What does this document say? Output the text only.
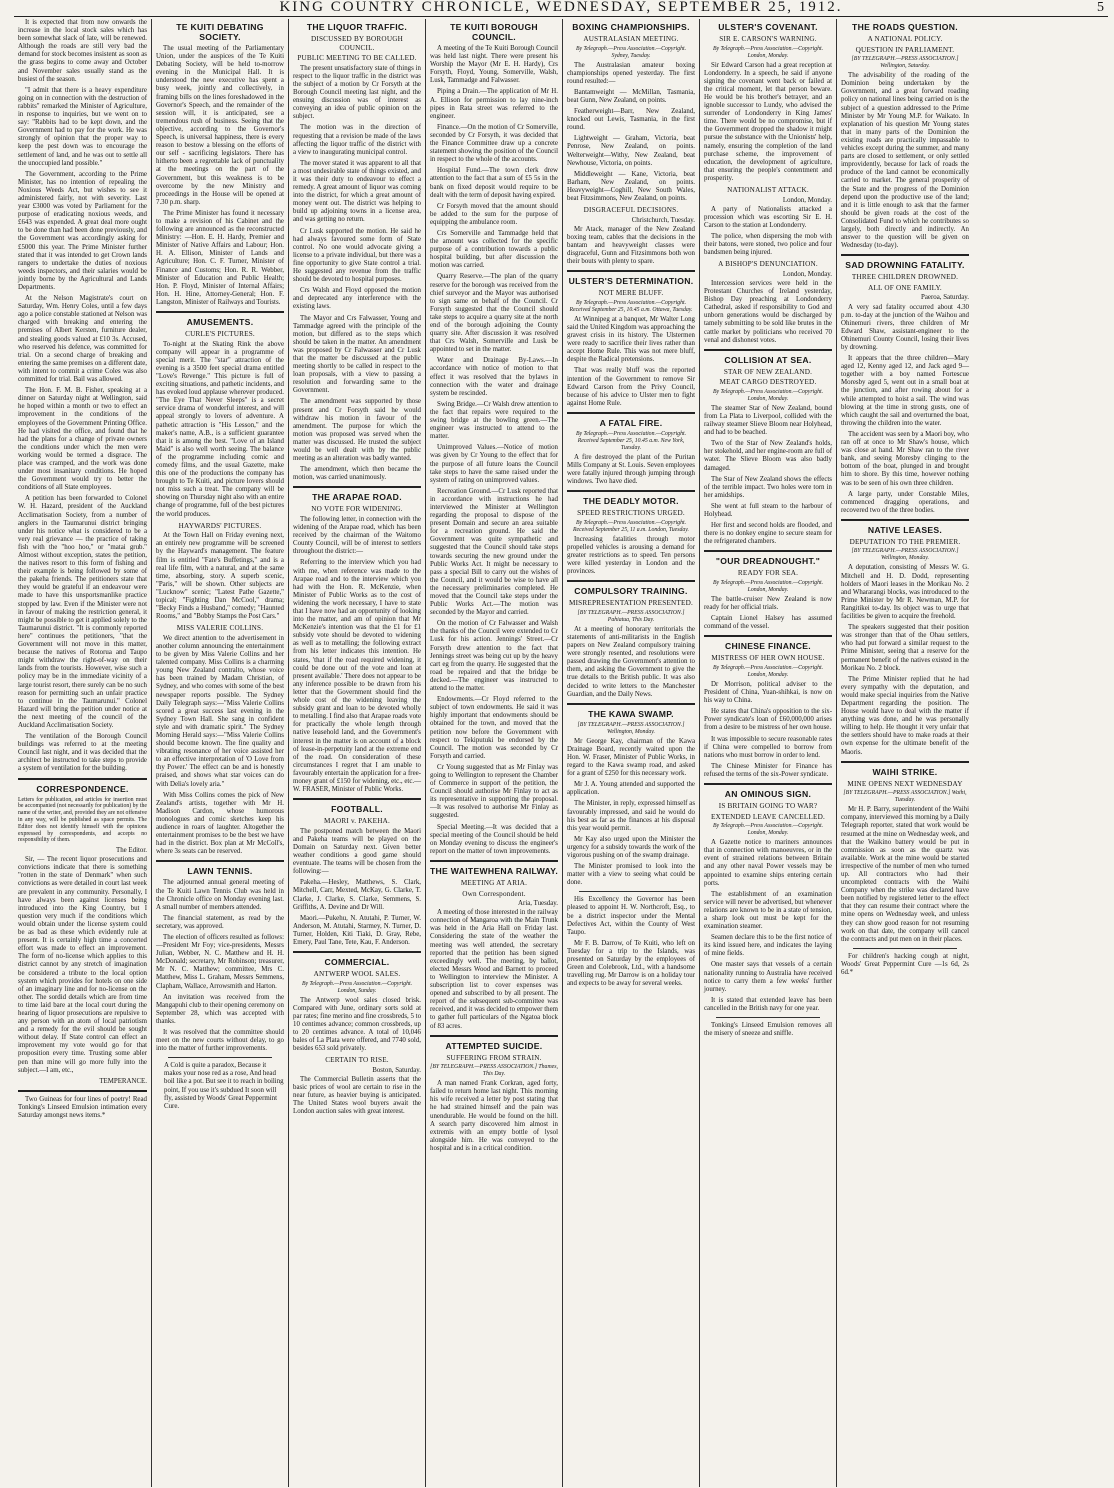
KING COUNTRY CHRONICLE, WEDNESDAY, SEPTEMBER 25, 1912.	5

It is expected that from now onwards the increase in the local stock sales which has been somewhat slack of late, will be renewed. Although the roads are still very bad the demand for stock becomes insistent as soon as the grass begins to come away and October and November sales usually stand as the busiest of the season.

"I admit that there is a heavy expenditure going on in connection with the destruction of rabbits" remarked the Minister of Agriculture, in response to inquiries, but we went on to say: "Rabbits had to be kept down, and the Government had to pay for the work. He was strongly of opinion that the proper way to keep the pest down was to encourage the settlement of land, and he was out to settle all the unoccupied land possible."

The Government, according to the Prime Minister, has no intention of repealing the Noxious Weeds Act, but wishes to see it administered fairly, not with severity. Last year £3000 was voted by Parliament for the purpose of eradicating noxious weeds, and £643 was expended. A great deal more ought to be done than had been done previously, and the Government was accordingly asking for £5000 this year. The Prime Minister further stated that it was intended to get Crown lands rangers to undertake the duties of noxious weeds inspectors, and their salaries would be jointly borne by the Agricultural and Lands Departments.

At the Nelson Magistrate's court on Saturday, Wm. Henry Coles, until a few days ago a police constable stationed at Nelson was charged with breaking and entering the premises of Albert Kersten, furniture dealer, and stealing goods valued at £10 3s. Accused, who reserved his defence, was committed for trial. On a second charge of breaking and entering the same premises on a different date, with intent to commit a crime Coles was also committed for trial. Bail was allowed.

The Hon. F. M. B. Fisher, speaking at a dinner on Saturday night at Wellington, said he hoped within a month or two to effect an improvement in the conditions of the employees of the Government Printing Office. He had visited the office, and found that he had the plans for a change of private owners the conditions under which the men were working would be termed a disgrace. The place was cramped, and the work was done under most insanitary conditions. He hoped the Government would try to better the conditions of all State employees.

A petition has been forwarded to Colonel W. H. Hazard, president of the Auckland Acclimatisation Society, from a number of anglers in the Taumarunui district bringing under his notice what is considered to be a very real grievance — the practice of taking fish with the "hoo hoo," or "matai grub." Almost without exception, states the petition, the natives resort to this form of fishing and their example is being followed by some of the pakeha friends. The petitioners state that they would be grateful if an endeavour were made to have this unsportsmanlike practice stopped by law. Even if the Minister were not in favour of making the restriction general, it might be possible to get it applied solely to the Taumarunui district. "It is commonly reported here" continues the petitioners, "that the Government will not move in this matter, because the natives of Rotorua and Taupo might withdraw the right-of-way on their lands from the tourists. However, wise such a policy may be in the immediate vicinity of a large tourist resort, there surely can be no such reason for permitting such an unfair practice to continue in the Taumarunui." Colonel Hazard will bring the petition under notice at the next meeting of the council of the Auckland Acclimatisation Society.

The ventilation of the Borough Council buildings was referred to at the meeting Council last night, and it was decided that the architect be instructed to take steps to provide a system of ventilation for the building.

CORRESPONDENCE.

Letters for publication, and articles for insertion must be accompanied (not necessarily for publication) by the name of the writer, and, provided they are not offensive in any way, will be published as space permits. The Editor does not identify himself with the opinions expressed by correspondents, and accepts no responsibility of them.

The Editor.

Sir, — The recent liquor prosecutions and convictions indicate that there is something "rotten in the state of Denmark" when such convictions as were detailed in court last week are prevalent in any community. Personally, I have always been against licenses being introduced into the King Country, but I question very much if the conditions which would obtain under the license system could be as bad as these which evidently rule at present. It is certainly high time a concerted effort was made to effect an improvement. The form of no-license which applies to this district cannot by any stretch of imagination be considered a tribute to the local option system which provides for hotels on one side of an imaginary line and for no-license on the other. The sordid details which are from time to time laid bare at the local court during the hearing of liquor prosecutions are repulsive to any person with an atom of local patriotism and a remedy for the evil should be sought without delay. If State control can effect an improvement my vote would go for that proposition every time. Trusting some abler pen than mine will go more fully into the subject.—I am, etc.,

TEMPERANCE.

Two Guineas for four lines of poetry! Read Tonking's Linseed Emulsion intimation every Saturday amongst news items.*

TE KUITI DEBATING SOCIETY.

The usual meeting of the Parliamentary Union, under the auspices of the Te Kuiti Debating Society, will be held to-morrow evening in the Municipal Hall. It is understood the new executive has spent a busy week, jointly and collectively, in framing bills on the lines foreshadowed in the Governor's Speech, and the remainder of the session will, it is anticipated, see a tremendous rush of business. Seeing that the objective, according to the Governor's Speech, is universal happiness, there is every reason to bestow a blessing on the efforts of our self - sacrificing legislators. There has hitherto been a regrettable lack of punctuality at the meetings on the part of the Government, but this weakness is to be overcome by the new Ministry and proceedings in the House will be opened at 7.30 p.m. sharp.

The Prime Minister has found it necessary to make a revision of his Cabinet and the following are announced as the reconstructed Ministry: —Hon. E. H. Hardy, Premier and Minister of Native Affairs and Labour; Hon. H. A. Ellison, Minister of Lands and Agriculture; Hon. C. F. Turner, Minister of Finance and Customs; Hon. R. R. Webber, Minister of Education and Public Health; Hon. P. Floyd, Minister of Internal Affairs; Hon. H. Hine, Attorney-General; Hon. F. Langston, Minister of Railways and Tourists.

AMUSEMENTS.
CURLE'S PICTURES.

To-night at the Skating Rink the above company will appear in a programme of special merit. The "star" attraction of the evening is a 3500 feet special drama entitled "Love's Revenge." This picture is full of exciting situations, and pathetic incidents, and has evoked loud applause wherever produced. "The Eye That Never Sleeps" is a secret service drama of wonderful interest, and will appeal strongly to lovers of adventure. A pathetic attraction is "His Lesson," and the maker's name, A.B., is a sufficient guarantee that it is among the best. "Love of an Island Maid" is also well worth seeing. The balance of the programme including comic and comedy films, and the usual Gazette, make this one of the productions the company has brought to Te Kuiti, and picture lovers should not miss such a treat. The company will be showing on Thursday night also with an entire change of programme, full of the best pictures the world produces.

HAYWARDS' PICTURES.

At the Town Hall on Friday evening next, an entirely new programme will be screened by the Hayward's management. The feature film is entitled "Fate's Buffetings," and is a real life film, with a natural, and at the same time, absorbing, story. A superb scenic, "Paris," will be shown. Other subjects are "Lucknow" scenic; "Latest Pathe Gazette," topical; "Fighting Dan McCool," drama; "Becky Finds a Husband," comedy; "Haunted Rooms," and "Bobby Stamps the Post Cars."

MISS VALERIE COLLINS.

We direct attention to the advertisement in another column announcing the entertainment to be given by Miss Valerie Collins and her talented company. Miss Collins is a charming young New Zealand contralto, whose voice has been trained by Madam Christian, of Sydney, and who comes with some of the best newspaper reports possible. The Sydney Daily Telegraph says:—"Miss Valerie Collins scored a great success last evening in the Sydney Town Hall. She sang in confident style and with dramatic spirit." The Sydney Morning Herald says:—"Miss Valerie Collins should become known. The fine quality and vibrating resonance of her voice assisted her to an effective interpretation of 'O Love from thy Power.' The effect can be and is honestly praised, and shows what star voices can do with Delia's lovely aria."

With Miss Collins comes the pick of New Zealand's artists, together with Mr H. Madison Cardon, whose humorous monologues and comic sketches keep his audience in roars of laughter. Altogether the entertainment promises to be the best we have had in the district. Box plan at Mr McColl's, where 3s seats can be reserved.

LAWN TENNIS.

The adjourned annual general meeting of the Te Kuiti Lawn Tennis Club was held in the Chronicle office on Monday evening last. A small number of members attended.

The financial statement, as read by the secretary, was approved.

The election of officers resulted as follows:—President Mr Foy; vice-presidents, Messrs Julian, Webber, N. C. Matthew and H. H. McDonald; secretary, Mr Robinson; treasurer, Mr N. C. Matthew; committee, Mrs C. Matthew, Miss L. Graham, Messrs Semmens, Clapham, Wallace, Arrowsmith and Harton.

An invitation was received from the Mangapuhi club to their opening ceremony on September 28, which was accepted with thanks.

It was resolved that the committee should meet on the new courts without delay, to go into the matter of further improvements.

A Cold is quite a paradox, Because it makes your nose red as a rose, And head boil like a pot. But see it to reach in boiling point, If you use it's subdued It soon will fly, assisted by Woods' Great Peppermint Cure.
THE LIQUOR TRAFFIC.
DISCUSSED BY BOROUGH COUNCIL.
PUBLIC MEETING TO BE CALLED.

The present unsatisfactory state of things in respect to the liquor traffic in the district was the subject of a motion by Cr Forsyth at the Borough Council meeting last night, and the ensuing discussion was of interest as conveying an idea of public opinion on the subject.

The motion was in the direction of requesting that a revision be made of the laws affecting the liquor traffic of the district with a view to inaugurating municipal control.

The mover stated it was apparent to all that a most undesirable state of things existed, and it was their duty to endeavour to effect a remedy. A great amount of liquor was coming into the district, for which a great amount of money went out. The district was helping to build up adjoining towns in a license area, and was getting no return.

Cr Lusk supported the motion. He said he had always favoured some form of State control. No one would advocate giving a license to a private individual, but there was a fine opportunity to give State control a trial. He suggested any revenue from the traffic should be devoted to hospital purposes.

Crs Walsh and Floyd opposed the motion and deprecated any interference with the existing laws.

The Mayor and Crs Falwasser, Young and Tammadge agreed with the principle of the motion, but differed as to the steps which should be taken in the matter. An amendment was proposed by Cr Falwasser and Cr Lusk that the matter be discussed at the public meeting shortly to be called in respect to the loan proposals, with a view to passing a resolution and forwarding same to the Government.

The amendment was supported by those present and Cr Forsyth said he would withdraw his motion in favour of the amendment. The purpose for which the motion was proposed was served when the matter was discussed. He trusted the subject would be well dealt with by the public meeting as an alteration was badly wanted.

The amendment, which then became the motion, was carried unanimously.

THE ARAPAE ROAD.
NO VOTE FOR WIDENING.

The following letter, in connection with the widening of the Arapae road, which has been received by the chairman of the Waitomo County Council, will be of interest to settlers throughout the district:—

Referring to the interview which you had with me, when reference was made to the Arapae road and to the interview which you had with the Hon. R. McKenzie, when Minister of Public Works as to the cost of widening the work necessary, I have to state that I have now had an opportunity of looking into the matter, and am of opinion that Mr McKenzie's intention was that the £1 for £1 subsidy vote should be devoted to widening as well as to metalling; the following extract from his letter indicates this intention. He states, 'that if the road required widening, it could be done out of the vote and loan at present available.' There does not appear to be any inference possible to be drawn from his letter that the Government should find the whole cost of the widening leaving the subsidy grant and loan to be devoted wholly to metalling. I find also that Arapae roads vote for practically the whole length through native leasehold land, and the Government's interest in the matter is on account of a block of lease-in-perpetuity land at the extreme end of the road. On consideration of these circumstances I regret that I am unable to favourably entertain the application for a free-money grant of £150 for widening, etc., etc.—W. FRASER, Minister of Public Works.

FOOTBALL.
MAORI v. PAKEHA.

The postponed match between the Maori and Pakeha teams will be played on the Domain on Saturday next. Given better weather conditions a good game should eventuate. The teams will be chosen from the following:—

Pakeha.—Hesley, Matthews, S. Clark, Mitchell, Carr, Mexted, McKay, G. Clarke, T. Clarke, J. Clarke, S. Clarke, Semmens, S. Griffiths, A. Devine and Dr Will.

Maori.—Pukehu, N. Atutahi, P. Turner, W. Anderson, M. Atutahi, Starmey, N. Turner, D. Turner, Holden, Kiti Tiaki, D. Gray, Rebe, Emery, Paul Tane, Tete, Kau, F. Anderson.

COMMERCIAL.
ANTWERP WOOL SALES.
By Telegraph.—Press Association.—Copyright. London, Sunday.

The Antwerp wool sales closed brisk. Compared with June, ordinary sorts sold at par rates; fine merino and fine crossbreds, 5 to 10 centimes advance; common crossbreds, up to 20 centimes advance. A total of 10,046 bales of La Plata were offered, and 7740 sold, besides 653 sold privately.

CERTAIN TO RISE.
Boston, Saturday.

The Commercial Bulletin asserts that the basic prices of wool are certain to rise in the near future, as heavier buying is anticipated. The United States wool buyers await the London auction sales with great interest.

TE KUITI BOROUGH COUNCIL.

A meeting of the Te Kuiti Borough Council was held last night. There were present his Worship the Mayor (Mr E. H. Hardy), Crs Forsyth, Floyd, Young, Somerville, Walsh, Lusk, Tammadge and Falwasser.

Piping a Drain.—The application of Mr H. A. Ellison for permission to lay nine-inch pipes in Rata street was referred to the engineer.

Finance.—On the motion of Cr Somerville, seconded by Cr Forsyth, it was decided that the Finance Committee draw up a concrete statement showing the position of the Council in respect to the whole of the accounts.

Hospital Fund.—The town clerk drew attention to the fact that a sum of £5 5s in the bank on fixed deposit would require to be dealt with the term of deposit having expired.

Cr Forsyth moved that the amount should be added to the sum for the purpose of equipping the ambulance room.

Crs Somerville and Tammadge held that the amount was collected for the specific purpose of a contribution towards a public hospital building, but after discussion the motion was carried.

Quarry Reserve.—The plan of the quarry reserve for the borough was received from the chief surveyor and the Mayor was authorised to sign same on behalf of the Council. Cr Forsyth suggested that the Council should take steps to acquire a quarry site at the north end of the borough adjoining the County quarry site. After discussion it was resolved that Crs Walsh, Somerville and Lusk be appointed to set in the matter.

Water and Drainage By-Laws.—In accordance with notice of motion to that effect it was resolved that the bylaws in connection with the water and drainage system be rescinded.

Swing Bridge.—Cr Walsh drew attention to the fact that repairs were required to the swing bridge at the bowling green.—The engineer was instructed to attend to the matter.

Unimproved Values.—Notice of motion was given by Cr Young to the effect that for the purpose of all future loans the Council take steps to have the same raised under the system of rating on unimproved values.

Recreation Ground.—Cr Lusk reported that in accordance with instructions he had interviewed the Minister at Wellington regarding the proposal to dispose of the present Domain and secure an area suitable for a recreation ground. He said the Government was quite sympathetic and suggested that the Council should take steps towards securing the new ground under the Public Works Act. It might be necessary to pass a special Bill to carry out the wishes of the Council, and it would be wise to have all the necessary preliminaries completed. He moved that the Council take steps under the Public Works Act.—The motion was seconded by the Mayor and carried.

On the motion of Cr Falwasser and Walsh the thanks of the Council were extended to Cr Lusk for his action. Jennings' Street.—Cr Forsyth drew attention to the fact that Jennings street was being cut up by the heavy cart eg from the quarry. He suggested that the road be repaired and that the bridge be decked.—The engineer was instructed to attend to the matter.

Endowments.—Cr Floyd referred to the subject of town endowments. He said it was highly important that endowments should be obtained for the town, and moved that the petition now before the Government with respect to Tekiputuki be endorsed by the Council. The motion was seconded by Cr Forsyth and carried.

Cr Young suggested that as Mr Finlay was going to Wellington to represent the Chamber of Commerce in support of the petition, the Council should authorise Mr Finlay to act as its representative in supporting the proposal.—It was resolved to authorise Mr Finlay as suggested.

Special Meeting.—It was decided that a special meeting of the Council should be held on Monday evening to discuss the engineer's report on the matter of town improvements.

THE WAITEWHENA RAILWAY.
MEETING AT ARIA.
Own Correspondent.
Aria, Tuesday.

A meeting of those interested in the railway connection of Mangaroa with the Main Trunk was held in the Aria Hall on Friday last. Considering the state of the weather the meeting was well attended, the secretary reported that the petition has been signed exceedingly well. The meeting, by ballot, elected Messrs Wood and Barnett to proceed to Wellington to interview the Minister. A subscription list to cover expenses was opened and subscribed to by all present. The report of the subsequent sub-committee was received, and it was decided to empower them to gather full particulars of the Ngatoa block of 83 acres.

ATTEMPTED SUICIDE.
SUFFERING FROM STRAIN.
[BY TELEGRAPH.—PRESS ASSOCIATION.] Thames, This Day.

A man named Frank Corkran, aged forty, failed to return home last night. This morning his wife received a letter by post stating that he had strained himself and the pain was unendurable. He would be found on the hill. A search party discovered him almost in extremis with an empty bottle of lysol alongside him. He was conveyed to the hospital and is in a critical condition.

BOXING CHAMPIONSHIPS.
AUSTRALASIAN MEETING.
By Telegraph.—Press Association.—Copyright. Sydney, Tuesday.

The Australasian amateur boxing championships opened yesterday. The first round resulted:—

Bantamweight — McMillan, Tasmania, beat Gunn, New Zealand, on points.

Featherweight—Barr, New Zealand, knocked out Lewis, Tasmania, in the first round.

Lightweight — Graham, Victoria, beat Penrose, New Zealand, on points. Welterweight—Withy, New Zealand, beat Newhouse, Victoria, on points.

Middleweight — Kane, Victoria, beat Barham, New Zealand, on points. Heavyweight—Coghill, New South Wales, beat Fitzsimmons, New Zealand, on points.

DISGRACEFUL DECISIONS.
Christchurch, Tuesday.

Mr Atack, manager of the New Zealand boxing team, cables that the decisions in the bantam and heavyweight classes were disgraceful, Gunn and Fitzsimmons both won their bouts with plenty to spare.

ULSTER'S DETERMINATION.
NOT MERE BLUFF.
By Telegraph.—Press Association.—Copyright. Received September 25, 10.45 a.m. Ottawa, Tuesday.

At Winnipeg at a banquet, Mr Walter Long said the United Kingdom was approaching the gravest crisis in its history. The Ulstermen were ready to sacrifice their lives rather than accept Home Rule. This was not mere bluff, despite the Radical pretensions.

That was really bluff was the reported intention of the Government to remove Sir Edward Carson from the Privy Council, because of his advice to Ulster men to fight against Home Rule.

A FATAL FIRE.
By Telegraph.—Press Association.—Copyright. Received September 25, 10.45 a.m. New York, Tuesday.

A fire destroyed the plant of the Puritan Mills Company at St. Louis. Seven employees were fatally injured through jumping through windows. Two have died.

THE DEADLY MOTOR.
SPEED RESTRICTIONS URGED.
By Telegraph.—Press Association.—Copyright. Received September 25, 11 a.m. London, Tuesday.

Increasing fatalities through motor propelled vehicles is arousing a demand for greater restrictions as to speed. Ten persons were killed yesterday in London and the provinces.

COMPULSORY TRAINING.
MISREPRESENTATION PRESENTED.
[BY TELEGRAPH.—PRESS ASSOCIATION.] Pahiatua, This Day.

At a meeting of honorary territorials the statements of anti-militarists in the English papers on New Zealand compulsory training were strongly resented, and resolutions were passed drawing the Government's attention to them, and asking the Government to give the true details to the British public. It was also decided to write letters to the Manchester Guardian, and the Daily News.

THE KAWA SWAMP.
[BY TELEGRAPH.—PRESS ASSOCIATION.] Wellington, Monday.

Mr George Kay, chairman of the Kawa Drainage Board, recently waited upon the Hon. W. Fraser, Minister of Public Works, in regard to the Kawa swamp road, and asked for a grant of £250 for this necessary work.

Mr J. A. Young attended and supported the application.

The Minister, in reply, expressed himself as favourably impressed, and said he would do his best as far as the finances at his disposal this year would permit.

Mr Kay also urged upon the Minister the urgency for a subsidy towards the work of the vigorous pushing on of the swamp drainage.

The Minister promised to look into the matter with a view to seeing what could be done.

His Excellency the Governor has been pleased to appoint H. W. Northcroft, Esq., to be a district inspector under the Mental Defectives Act, within the County of West Taupo.

Mr F. B. Darrow, of Te Kuiti, who left on Tuesday for a trip to the Islands, was presented on Saturday by the employees of Green and Colebrook, Ltd., with a handsome travelling rug. Mr Darrow is on a holiday tour and expects to be away for several weeks.

ULSTER'S COVENANT.
SIR E. CARSON'S WARNING.
By Telegraph.—Press Association.—Copyright. London, Monday.

Sir Edward Carson had a great reception at Londonderry. In a speech, he said if anyone signing the covenant went back or failed at the critical moment, let that person beware. He would be his brother's betrayer, and an ignoble successor to Lundy, who advised the surrender of Londonderry in King James' time. There would be no compromise, but if the Government dropped the shadow it might pursue the substance with the Unionists' help, namely, ensuring the completion of the land purchase scheme, the improvement of education, the development of agriculture, that ensuring the people's contentment and prosperity.

NATIONALIST ATTACK.
London, Monday.

A party of Nationalists attacked a procession which was escorting Sir E. H. Carson to the station at Londonderry.

The police, when dispersing the mob with their batons, were stoned, two police and four bandsmen being injured.

A BISHOP'S DENUNCIATION.
London, Monday.

Intercession services were held in the Protestant Churches of Ireland yesterday, Bishop Day preaching at Londonderry Cathedral, asked if responsibility to God and unborn generations would be discharged by tamely submitting to be sold like brutes in the cattle market by politicians who received 70 venal and dishonest votes.

COLLISION AT SEA.
STAR OF NEW ZEALAND.
MEAT CARGO DESTROYED.
By Telegraph.—Press Association.—Copyright. London, Monday.

The steamer Star of New Zealand, bound from La Plata to Liverpool, collided with the railway steamer Slieve Bloom near Holyhead, and had to be beached.

Two of the Star of New Zealand's holds, her stokehold, and her engine-room are full of water. The Slieve Bloom was also badly damaged.

The Star of New Zealand shows the effects of the terrible impact. Two holes were torn in her amidships.

She went at full steam to the harbour of Holyhead.

Her first and second holds are flooded, and there is no donkey engine to secure steam for the refrigerated chambers.

"OUR DREADNOUGHT."
READY FOR SEA.
By Telegraph.—Press Association.—Copyright. London, Monday.

The battle-cruiser New Zealand is now ready for her official trials.

Captain Lionel Halsey has assumed command of the vessel.

CHINESE FINANCE.
MISTRESS OF HER OWN HOUSE.
By Telegraph.—Press Association.—Copyright. London, Monday.

Dr Morrison, political adviser to the President of China, Yuan-shihkai, is now on his way to China.

He states that China's opposition to the six-Power syndicate's loan of £60,000,000 arises from a desire to be mistress of her own house.

It was impossible to secure reasonable rates if China were compelled to borrow from nations who must borrow in order to lend.

The Chinese Minister for Finance has refused the terms of the six-Power syndicate.

AN OMINOUS SIGN.
IS BRITAIN GOING TO WAR?
EXTENDED LEAVE CANCELLED.
By Telegraph.—Press Association.—Copyright. London, Monday.

A Gazette notice to mariners announces that in connection with manoeuvres, or in the event of strained relations between Britain and any other naval Power vessels may be appointed to examine ships entering certain ports.

The establishment of an examination service will never be advertised, but whenever relations are known to be in a state of tension, a sharp look out must be kept for the examination steamer.

Seamen declare this to be the first notice of its kind issued here, and indicates the laying of mine fields.

One master says that vessels of a certain nationality running to Australia have received notice to carry them a few weeks' further journey.

It is stated that extended leave has been cancelled in the British navy for one year.

Tonking's Linseed Emulsion removes all the misery of sneeze and sniffle.

THE ROADS QUESTION.
A NATIONAL POLICY.
QUESTION IN PARLIAMENT.
[BY TELEGRAPH.—PRESS ASSOCIATION.] Wellington, Saturday.

The advisability of the roading of the Dominion being undertaken by the Government, and a great forward roading policy on national lines being carried on is the subject of a question addressed to the Prime Minister by Mr Young M.P. for Waikato. In explanation of his question Mr Young states that in many parts of the Dominion the existing roads are practically impassable to vehicles except during the summer, and many parts are closed to settlement, or only settled improvidently, because for lack of roads the produce of the land cannot be economically carried to market. The general prosperity of the State and the progress of the Dominion depend upon the productive use of the land; and it is little enough to ask that the farmer should be given roads at the cost of the Consolidated Fund to which he contributes so largely, both directly and indirectly. An answer to the question will be given on Wednesday (to-day).

SAD DROWNING FATALITY.
THREE CHILDREN DROWNED.
ALL OF ONE FAMILY.
Paeroa, Saturday.

A very sad fatality occurred about 4.30 p.m. to-day at the junction of the Waihou and Ohinemuri rivers, three children of Mr Edward Shaw, assistant-engineer to the Ohinemuri County Council, losing their lives by drowning.

It appears that the three children—Mary aged 12, Kenny aged 12, and Jack aged 9—together with a boy named Fortescue Moresby aged 5, went out in a small boat at the junction, and after rowing about for a while attempted to hoist a sail. The wind was blowing at the time in strong gusts, one of which caught the sail and overturned the boat, throwing the children into the water.

The accident was seen by a Maori boy, who ran off at once to Mr Shaw's house, which was close at hand. Mr Shaw ran to the river bank, and seeing Moresby clinging to the bottom of the boat, plunged in and brought him to shore. By this time, however nothing was to be seen of his own three children.

A large party, under Constable Miles, commenced dragging operations, and recovered two of the three bodies.

NATIVE LEASES.
DEPUTATION TO THE PREMIER.
[BY TELEGRAPH.—PRESS ASSOCIATION.] Wellington, Monday.

A deputation, consisting of Messrs W. G. Mitchell and H. D. Dodd, representing holders of Maori leases in the Morikau No. 2 and Whararangi blocks, was introduced to the Prime Minister by Mr R. Newman, M.P. for Rangitikei to-day. Its object was to urge that facilities be given to acquire the freehold.

The speakers suggested that their position was stronger than that of the Ohau settlers, who had put forward a similar request to the Prime Minister, seeing that a reserve for the permanent benefit of the natives existed in the Morikau No. 2 block.

The Prime Minister replied that he had every sympathy with the deputation, and would make special inquiries from the Native Department regarding the position. The House would have to deal with the matter if anything was done, and he was personally willing to help. He thought it very unfair that the settlers should have to make roads at their own expense for the ultimate benefit of the Maoris.

WAIHI STRIKE.
MINE OPENS NEXT WEDNESDAY
[BY TELEGRAPH.—PRESS ASSOCIATION.] Waihi, Tuesday.

Mr H. P. Barry, superintendent of the Waihi company, interviewed this morning by a Daily Telegraph reporter, stated that work would be resumed at the mine on Wednesday week, and that the Waikino battery would be put in commission as soon as the quartz was available. Work at the mine would be started irrespective of the number of men who turned up. All contractors who had their uncompleted contracts with the Waihi Company when the strike was declared have been notified by registered letter to the effect that they can resume their contract where the mine opens on Wednesday week, and unless they can show good reason for not resuming work on that date, the company will cancel the contracts and put men on in their places.

For children's hacking cough at night, Woods' Great Peppermint Cure —1s 6d, 2s 6d.*
